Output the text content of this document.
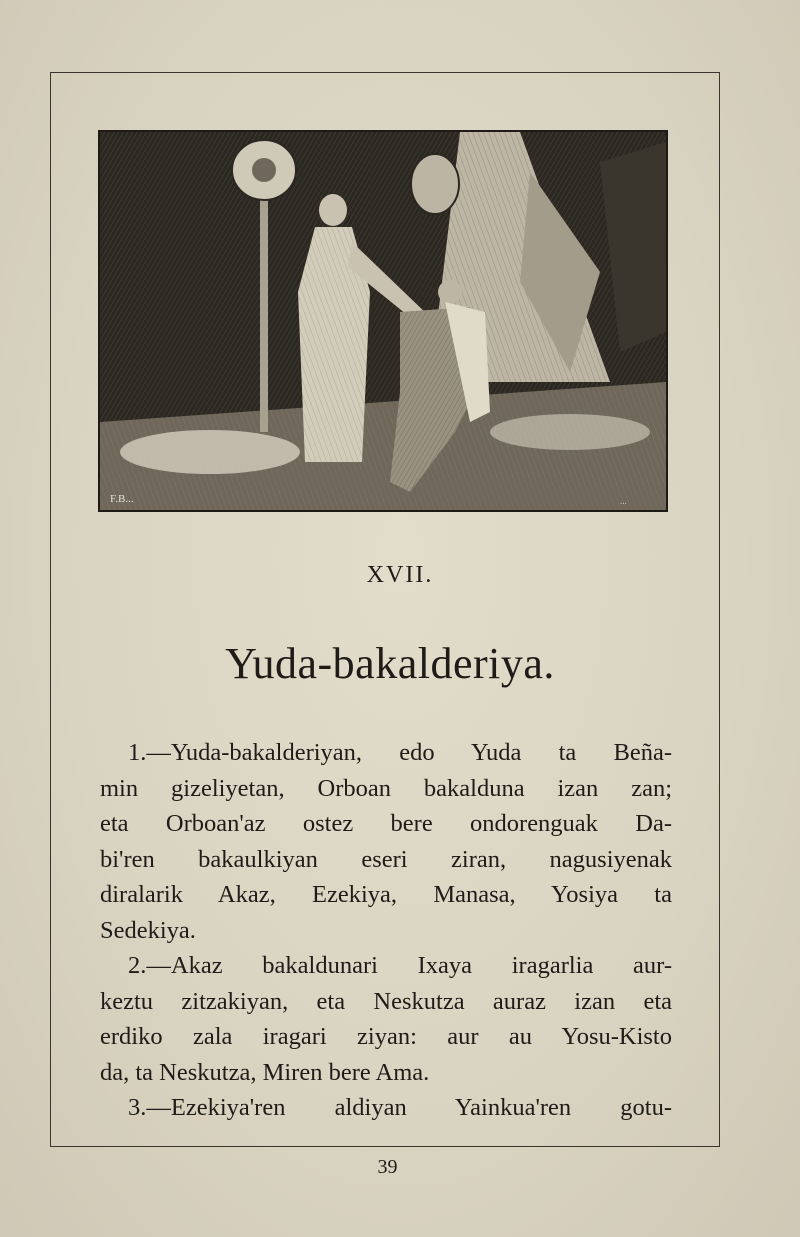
F.B...	...
XVII.
Yuda-bakalderiya.
1.—Yuda-bakalderiyan, edo Yuda ta Beña-
min gizeliyetan, Orboan bakalduna izan zan;
eta Orboan'az ostez bere ondorenguak Da-
bi'ren bakaulkiyan eseri ziran, nagusiyenak
diralarik Akaz, Ezekiya, Manasa, Yosiya ta
Sedekiya.
2.—Akaz bakaldunari Ixaya iragarlia aur-
keztu zitzakiyan, eta Neskutza auraz izan eta
erdiko zala iragari ziyan: aur au Yosu-Kisto
da, ta Neskutza, Miren bere Ama.
3.—Ezekiya'ren aldiyan Yainkua'ren gotu-
39
